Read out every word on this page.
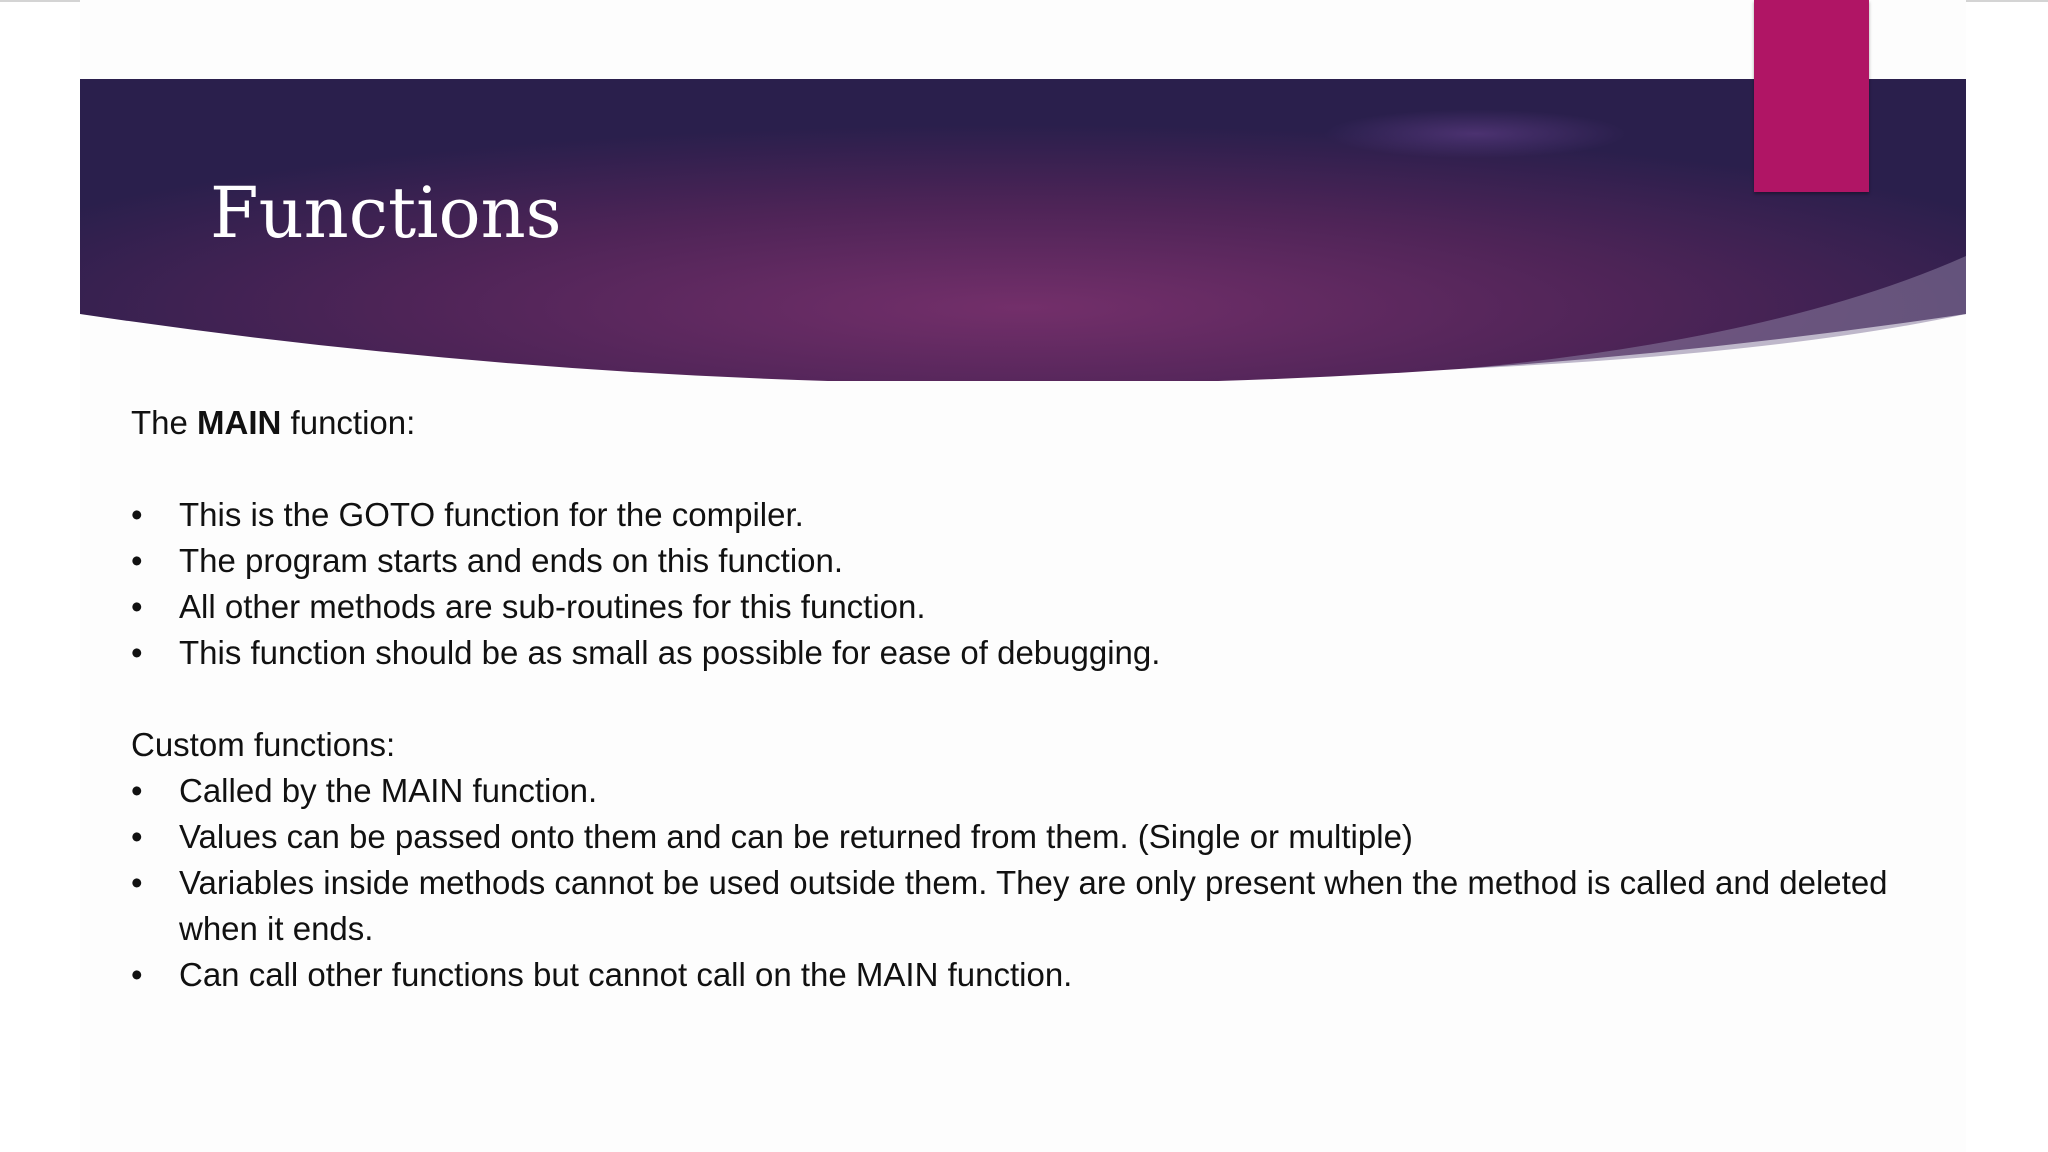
Functions

The MAIN function:

• This is the GOTO function for the compiler.
• The program starts and ends on this function.
• All other methods are sub-routines for this function.
• This function should be as small as possible for ease of debugging.

Custom functions:

• Called by the MAIN function.
• Values can be passed onto them and can be returned from them. (Single or multiple)
• Variables inside methods cannot be used outside them. They are only present when the method is called and deleted when it ends.
• Can call other functions but cannot call on the MAIN function.
